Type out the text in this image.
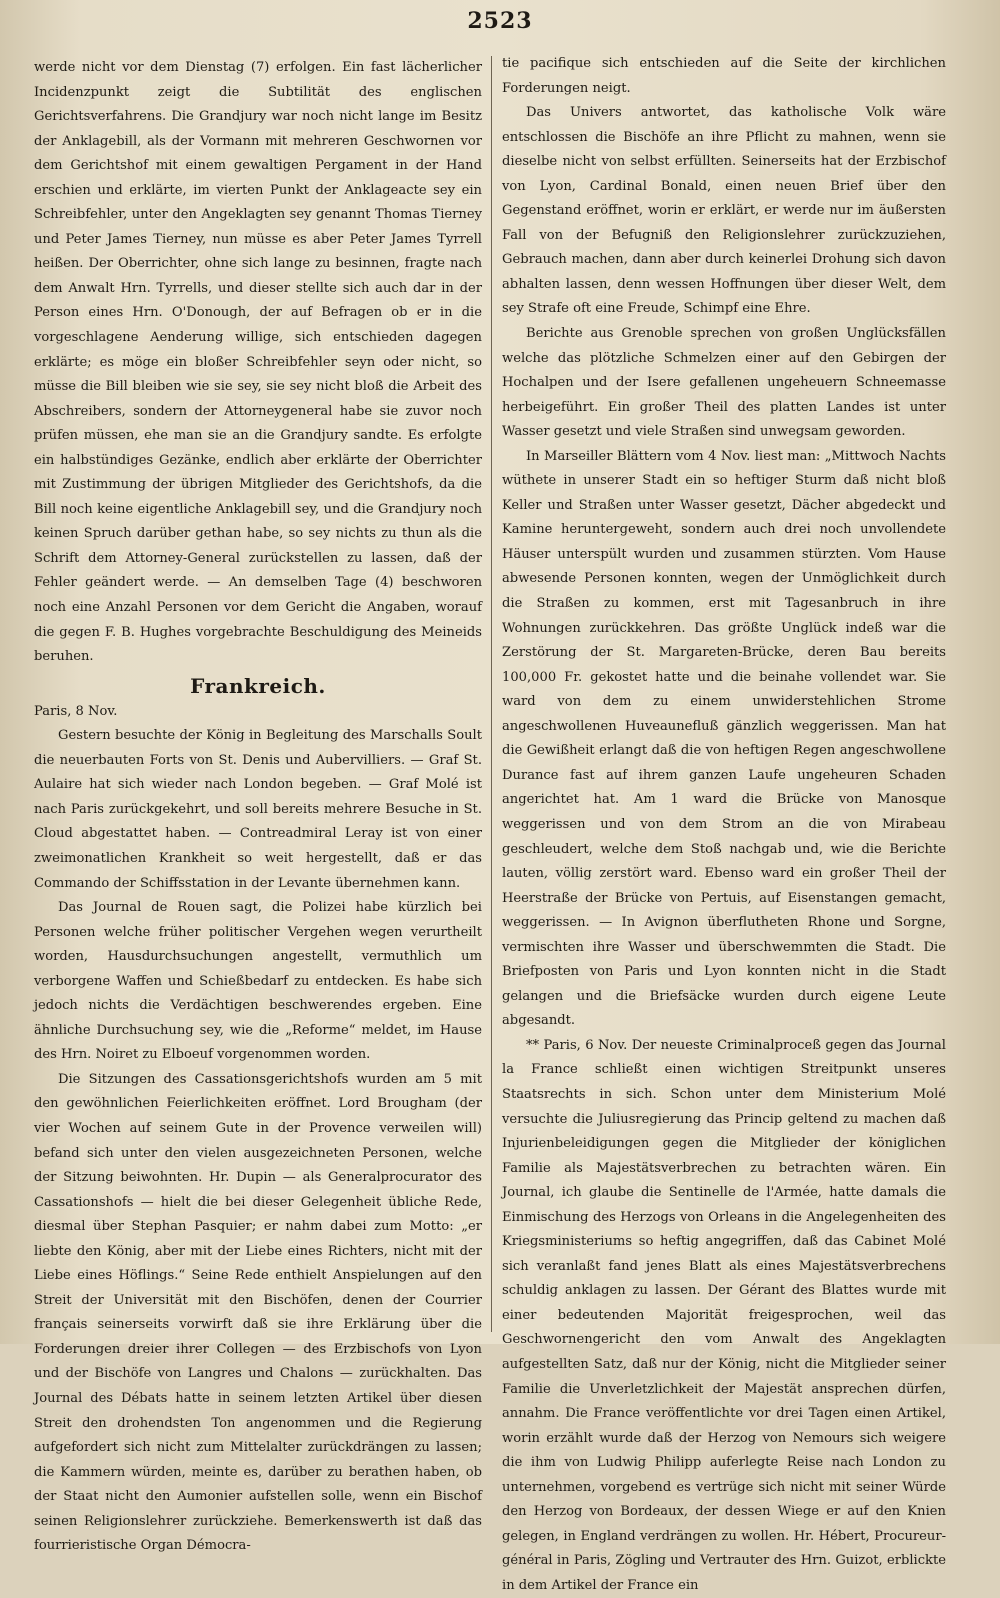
2523

werde nicht vor dem Dienstag (7) erfolgen. Ein fast lächerlicher Incidenzpunkt zeigt die Subtilität des englischen Gerichtsverfahrens. Die Grandjury war noch nicht lange im Besitz der Anklagebill, als der Vormann mit mehreren Geschwornen vor dem Gerichtshof mit einem gewaltigen Pergament in der Hand erschien und erklärte, im vierten Punkt der Anklageacte sey ein Schreibfehler, unter den Angeklagten sey genannt Thomas Tierney und Peter James Tierney, nun müsse es aber Peter James Tyrrell heißen. Der Oberrichter, ohne sich lange zu besinnen, fragte nach dem Anwalt Hrn. Tyrrells, und dieser stellte sich auch dar in der Person eines Hrn. O'Donough, der auf Befragen ob er in die vorgeschlagene Aenderung willige, sich entschieden dagegen erklärte; es möge ein bloßer Schreibfehler seyn oder nicht, so müsse die Bill bleiben wie sie sey, sie sey nicht bloß die Arbeit des Abschreibers, sondern der Attorneygeneral habe sie zuvor noch prüfen müssen, ehe man sie an die Grandjury sandte. Es erfolgte ein halbstündiges Gezänke, endlich aber erklärte der Oberrichter mit Zustimmung der übrigen Mitglieder des Gerichtshofs, da die Bill noch keine eigentliche Anklagebill sey, und die Grandjury noch keinen Spruch darüber gethan habe, so sey nichts zu thun als die Schrift dem Attorney-General zurückstellen zu lassen, daß der Fehler geändert werde. — An demselben Tage (4) beschworen noch eine Anzahl Personen vor dem Gericht die Angaben, worauf die gegen F. B. Hughes vorgebrachte Beschuldigung des Meineids beruhen.

Frankreich.

Paris, 8 Nov.

Gestern besuchte der König in Begleitung des Marschalls Soult die neuerbauten Forts von St. Denis und Aubervilliers. — Graf St. Aulaire hat sich wieder nach London begeben. — Graf Molé ist nach Paris zurückgekehrt, und soll bereits mehrere Besuche in St. Cloud abgestattet haben. — Contreadmiral Leray ist von einer zweimonatlichen Krankheit so weit hergestellt, daß er das Commando der Schiffsstation in der Levante übernehmen kann.

Das Journal de Rouen sagt, die Polizei habe kürzlich bei Personen welche früher politischer Vergehen wegen verurtheilt worden, Hausdurchsuchungen angestellt, vermuthlich um verborgene Waffen und Schießbedarf zu entdecken. Es habe sich jedoch nichts die Verdächtigen beschwerendes ergeben. Eine ähnliche Durchsuchung sey, wie die „Reforme“ meldet, im Hause des Hrn. Noiret zu Elboeuf vorgenommen worden.

Die Sitzungen des Cassationsgerichtshofs wurden am 5 mit den gewöhnlichen Feierlichkeiten eröffnet. Lord Brougham (der vier Wochen auf seinem Gute in der Provence verweilen will) befand sich unter den vielen ausgezeichneten Personen, welche der Sitzung beiwohnten. Hr. Dupin — als Generalprocurator des Cassationshofs — hielt die bei dieser Gelegenheit übliche Rede, diesmal über Stephan Pasquier; er nahm dabei zum Motto: „er liebte den König, aber mit der Liebe eines Richters, nicht mit der Liebe eines Höflings.“ Seine Rede enthielt Anspielungen auf den Streit der Universität mit den Bischöfen, denen der Courrier français seinerseits vorwirft daß sie ihre Erklärung über die Forderungen dreier ihrer Collegen — des Erzbischofs von Lyon und der Bischöfe von Langres und Chalons — zurückhalten. Das Journal des Débats hatte in seinem letzten Artikel über diesen Streit den drohendsten Ton angenommen und die Regierung aufgefordert sich nicht zum Mittelalter zurückdrängen zu lassen; die Kammern würden, meinte es, darüber zu berathen haben, ob der Staat nicht den Aumonier aufstellen solle, wenn ein Bischof seinen Religionslehrer zurückziehe. Bemerkenswerth ist daß das fourrieristische Organ Démocra-

tie pacifique sich entschieden auf die Seite der kirchlichen Forderungen neigt.

Das Univers antwortet, das katholische Volk wäre entschlossen die Bischöfe an ihre Pflicht zu mahnen, wenn sie dieselbe nicht von selbst erfüllten. Seinerseits hat der Erzbischof von Lyon, Cardinal Bonald, einen neuen Brief über den Gegenstand eröffnet, worin er erklärt, er werde nur im äußersten Fall von der Befugniß den Religionslehrer zurückzuziehen, Gebrauch machen, dann aber durch keinerlei Drohung sich davon abhalten lassen, denn wessen Hoffnungen über dieser Welt, dem sey Strafe oft eine Freude, Schimpf eine Ehre.

Berichte aus Grenoble sprechen von großen Unglücksfällen welche das plötzliche Schmelzen einer auf den Gebirgen der Hochalpen und der Isere gefallenen ungeheuern Schneemasse herbeigeführt. Ein großer Theil des platten Landes ist unter Wasser gesetzt und viele Straßen sind unwegsam geworden.

In Marseiller Blättern vom 4 Nov. liest man: „Mittwoch Nachts wüthete in unserer Stadt ein so heftiger Sturm daß nicht bloß Keller und Straßen unter Wasser gesetzt, Dächer abgedeckt und Kamine heruntergeweht, sondern auch drei noch unvollendete Häuser unterspült wurden und zusammen stürzten. Vom Hause abwesende Personen konnten, wegen der Unmöglichkeit durch die Straßen zu kommen, erst mit Tagesanbruch in ihre Wohnungen zurückkehren. Das größte Unglück indeß war die Zerstörung der St. Margareten-Brücke, deren Bau bereits 100,000 Fr. gekostet hatte und die beinahe vollendet war. Sie ward von dem zu einem unwiderstehlichen Strome angeschwollenen Huveaunefluß gänzlich weggerissen. Man hat die Gewißheit erlangt daß die von heftigen Regen angeschwollene Durance fast auf ihrem ganzen Laufe ungeheuren Schaden angerichtet hat. Am 1 ward die Brücke von Manosque weggerissen und von dem Strom an die von Mirabeau geschleudert, welche dem Stoß nachgab und, wie die Berichte lauten, völlig zerstört ward. Ebenso ward ein großer Theil der Heerstraße der Brücke von Pertuis, auf Eisenstangen gemacht, weggerissen. — In Avignon überflutheten Rhone und Sorgne, vermischten ihre Wasser und überschwemmten die Stadt. Die Briefposten von Paris und Lyon konnten nicht in die Stadt gelangen und die Briefsäcke wurden durch eigene Leute abgesandt.

** Paris, 6 Nov. Der neueste Criminalproceß gegen das Journal la France schließt einen wichtigen Streitpunkt unseres Staatsrechts in sich. Schon unter dem Ministerium Molé versuchte die Juliusregierung das Princip geltend zu machen daß Injurienbeleidigungen gegen die Mitglieder der königlichen Familie als Majestätsverbrechen zu betrachten wären. Ein Journal, ich glaube die Sentinelle de l'Armée, hatte damals die Einmischung des Herzogs von Orleans in die Angelegenheiten des Kriegsministeriums so heftig angegriffen, daß das Cabinet Molé sich veranlaßt fand jenes Blatt als eines Majestätsverbrechens schuldig anklagen zu lassen. Der Gérant des Blattes wurde mit einer bedeutenden Majorität freigesprochen, weil das Geschwornengericht den vom Anwalt des Angeklagten aufgestellten Satz, daß nur der König, nicht die Mitglieder seiner Familie die Unverletzlichkeit der Majestät ansprechen dürfen, annahm. Die France veröffentlichte vor drei Tagen einen Artikel, worin erzählt wurde daß der Herzog von Nemours sich weigere die ihm von Ludwig Philipp auferlegte Reise nach London zu unternehmen, vorgebend es vertrüge sich nicht mit seiner Würde den Herzog von Bordeaux, der dessen Wiege er auf den Knien gelegen, in England verdrängen zu wollen. Hr. Hébert, Procureur-général in Paris, Zögling und Vertrauter des Hrn. Guizot, erblickte in dem Artikel der France ein
